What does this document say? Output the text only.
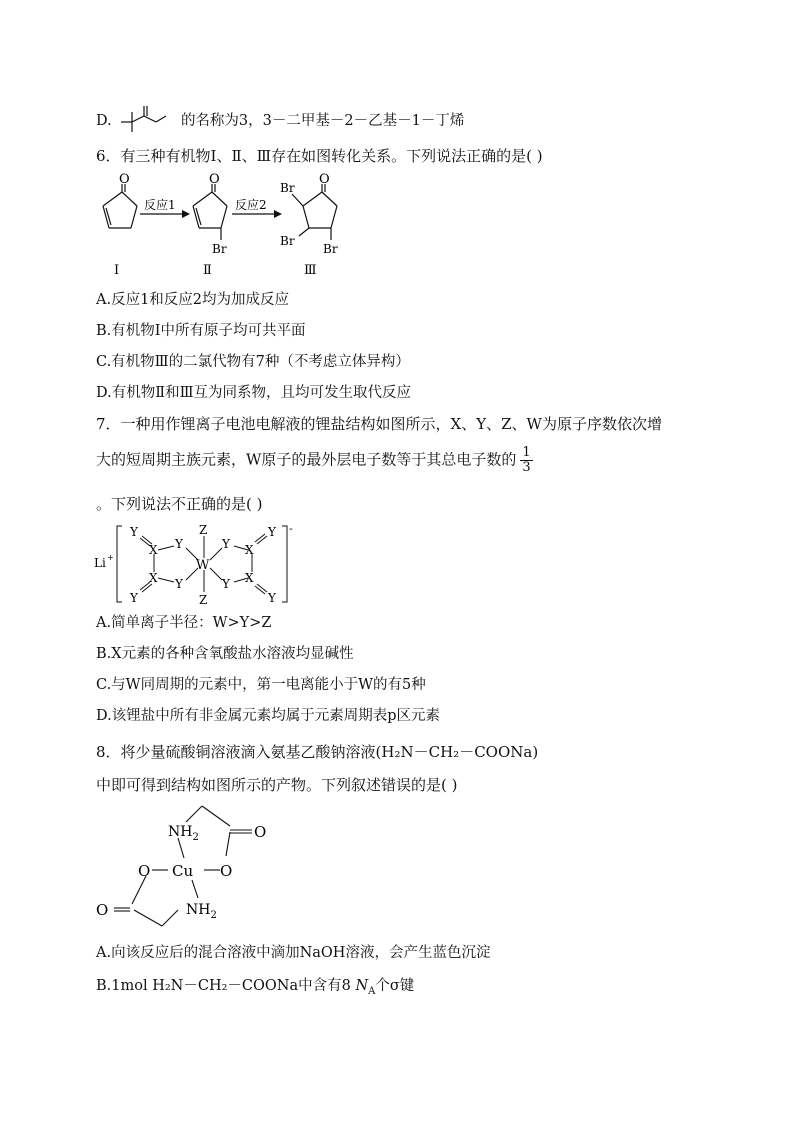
D.	的名称为3，3－二甲基－2－乙基－1－丁烯
6．有三种有机物Ⅰ、Ⅱ、Ⅲ存在如图转化关系。下列说法正确的是( )
O	O	O
反应1	反应2
Br
Br
Br
Br
Ⅰ	Ⅱ	Ⅲ
A.反应1和反应2均为加成反应
B.有机物Ⅰ中所有原子均可共平面
C.有机物Ⅲ的二氯代物有7种（不考虑立体异构）
D.有机物Ⅱ和Ⅲ互为同系物，且均可发生取代反应
7．一种用作锂离子电池电解液的锂盐结构如图所示，X、Y、Z、W为原子序数依次增
大的短周期主族元素，W原子的最外层电子数等于其总电子数的 $\frac{1}{3}$
。下列说法不正确的是( )
Li +
-
Y
X Y
X Y
Y
Z
W
Z
Y X
Y
Y X
Y
A.简单离子半径：W>Y>Z
B.X元素的各种含氧酸盐水溶液均显碱性
C.与W同周期的元素中，第一电离能小于W的有5种
D.该锂盐中所有非金属元素均属于元素周期表p区元素
8．将少量硫酸铜溶液滴入氨基乙酸钠溶液(H₂N－CH₂－COONa)
中即可得到结构如图所示的产物。下列叙述错误的是( )
$NH_2$	O
O Cu O
O	$NH_2$
A.向该反应后的混合溶液中滴加NaOH溶液，会产生蓝色沉淀
B.1mol H₂N－CH₂－COONa中含有8 $N_A$个σ键
